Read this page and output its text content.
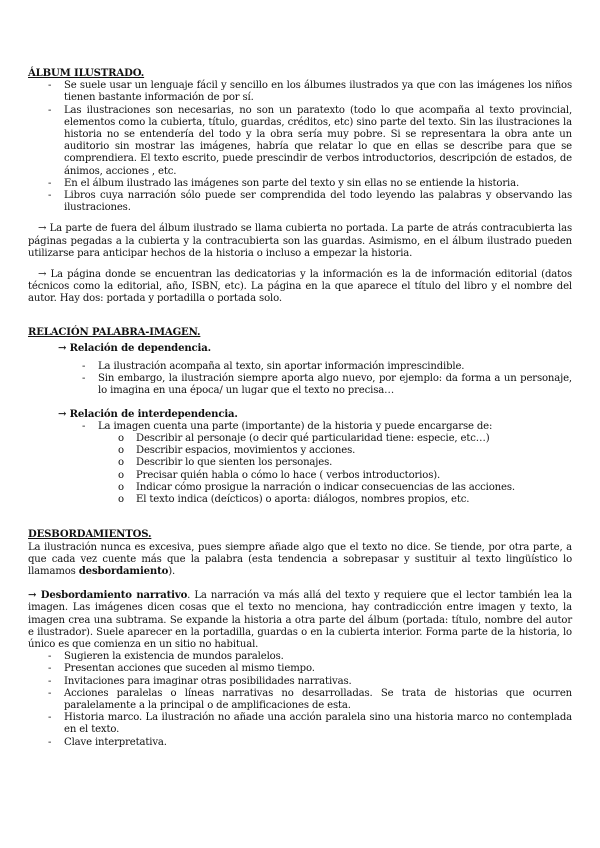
ÁLBUM ILUSTRADO.

- Se suele usar un lenguaje fácil y sencillo en los álbumes ilustrados ya que con las imágenes los niños tienen bastante información de por sí.
- Las ilustraciones son necesarias, no son un paratexto (todo lo que acompaña al texto provincial, elementos como la cubierta, título, guardas, créditos, etc) sino parte del texto. Sin las ilustraciones la historia no se entendería del todo y la obra sería muy pobre. Si se representara la obra ante un auditorio sin mostrar las imágenes, habría que relatar lo que en ellas se describe para que se comprendiera. El texto escrito, puede prescindir de verbos introductorios, descripción de estados, de ánimos, acciones , etc.
- En el álbum ilustrado las imágenes son parte del texto y sin ellas no se entiende la historia.
- Libros cuya narración sólo puede ser comprendida del todo leyendo las palabras y observando las ilustraciones.

→ La parte de fuera del álbum ilustrado se llama cubierta no portada. La parte de atrás contracubierta las páginas pegadas a la cubierta y la contracubierta son las guardas. Asimismo, en el álbum ilustrado pueden utilizarse para anticipar hechos de la historia o incluso a empezar la historia.

→ La página donde se encuentran las dedicatorias y la información es la de información editorial (datos técnicos como la editorial, año, ISBN, etc). La página en la que aparece el título del libro y el nombre del autor. Hay dos: portada y portadilla o portada solo.

RELACIÓN PALABRA-IMAGEN.

→ Relación de dependencia.

- La ilustración acompaña al texto, sin aportar información imprescindible.
- Sin embargo, la ilustración siempre aporta algo nuevo, por ejemplo: da forma a un personaje, lo imagina en una época/ un lugar que el texto no precisa…

→ Relación de interdependencia.

- La imagen cuenta una parte (importante) de la historia y puede encargarse de:
o Describir al personaje (o decir qué particularidad tiene: especie, etc…)
o Describir espacios, movimientos y acciones.
o Describir lo que sienten los personajes.
o Precisar quién habla o cómo lo hace ( verbos introductorios).
o Indicar cómo prosigue la narración o indicar consecuencias de las acciones.
o El texto indica (deícticos) o aporta: diálogos, nombres propios, etc.

DESBORDAMIENTOS.

La ilustración nunca es excesiva, pues siempre añade algo que el texto no dice. Se tiende, por otra parte, a que cada vez cuente más que la palabra (esta tendencia a sobrepasar y sustituir al texto lingüístico lo llamamos desbordamiento).

→ Desbordamiento narrativo. La narración va más allá del texto y requiere que el lector también lea la imagen. Las imágenes dicen cosas que el texto no menciona, hay contradicción entre imagen y texto, la imagen crea una subtrama. Se expande la historia a otra parte del álbum (portada: título, nombre del autor e ilustrador). Suele aparecer en la portadilla, guardas o en la cubierta interior. Forma parte de la historia, lo único es que comienza en un sitio no habitual.

- Sugieren la existencia de mundos paralelos.
- Presentan acciones que suceden al mismo tiempo.
- Invitaciones para imaginar otras posibilidades narrativas.
- Acciones paralelas o líneas narrativas no desarrolladas. Se trata de historias que ocurren paralelamente a la principal o de amplificaciones de esta.
- Historia marco. La ilustración no añade una acción paralela sino una historia marco no contemplada en el texto.
- Clave interpretativa.
